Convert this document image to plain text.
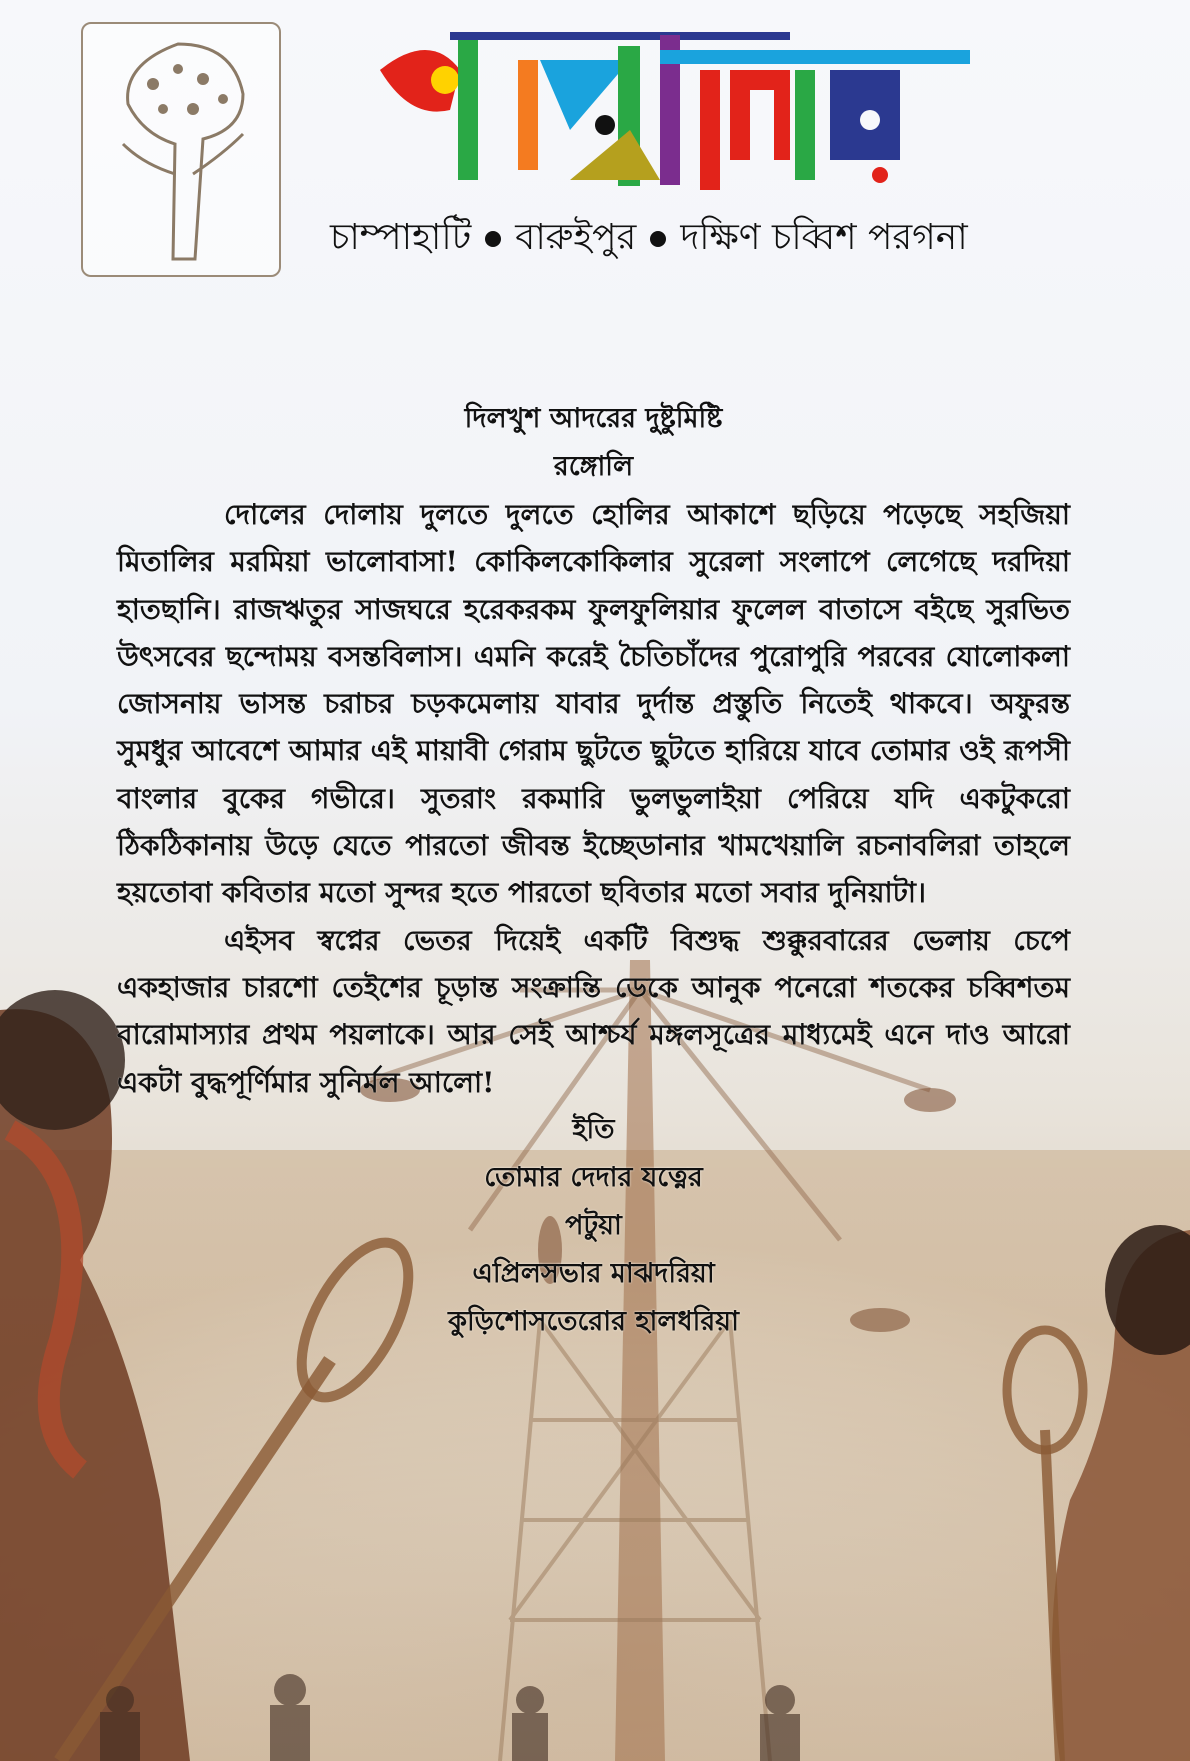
চাম্পাহাটি বারুইপুর দক্ষিণ চব্বিশ পরগনা

দিলখুশ আদরের দুষ্টুমিষ্টি

রঙ্গোলি

দোলের দোলায় দুলতে দুলতে হোলির আকাশে ছড়িয়ে পড়েছে সহজিয়া মিতালির মরমিয়া ভালোবাসা! কোকিলকোকিলার সুরেলা সংলাপে লেগেছে দরদিয়া হাতছানি। রাজঋতুর সাজঘরে হরেকরকম ফুলফুলিয়ার ফুলেল বাতাসে বইছে সুরভিত উৎসবের ছন্দোময় বসন্তবিলাস। এমনি করেই চৈতিচাঁদের পুরোপুরি পরবের যোলোকলা জোসনায় ভাসন্ত চরাচর চড়কমেলায় যাবার দুর্দান্ত প্রস্তুতি নিতেই থাকবে। অফুরন্ত সুমধুর আবেশে আমার এই মায়াবী গেরাম ছুটতে ছুটতে হারিয়ে যাবে তোমার ওই রূপসী বাংলার বুকের গভীরে। সুতরাং রকমারি ভুলভুলাইয়া পেরিয়ে যদি একটুকরো ঠিকঠিকানায় উড়ে যেতে পারতো জীবন্ত ইচ্ছেডানার খামখেয়ালি রচনাবলিরা তাহলে হয়তোবা কবিতার মতো সুন্দর হতে পারতো ছবিতার মতো সবার দুনিয়াটা।

এইসব স্বপ্নের ভেতর দিয়েই একটি বিশুদ্ধ শুক্কুরবারের ভেলায় চেপে একহাজার চারশো তেইশের চূড়ান্ত সংক্রান্তি ডেকে আনুক পনেরো শতকের চব্বিশতম বারোমাস্যার প্রথম পয়লাকে। আর সেই আশ্চর্য মঙ্গলসূত্রের মাধ্যমেই এনে দাও আরো একটা বুদ্ধপূর্ণিমার সুনির্মল আলো!

ইতি

তোমার দেদার যত্নের

পটুয়া

এপ্রিলসভার মাঝদরিয়া

কুড়িশোসতেরোর হালধরিয়া
